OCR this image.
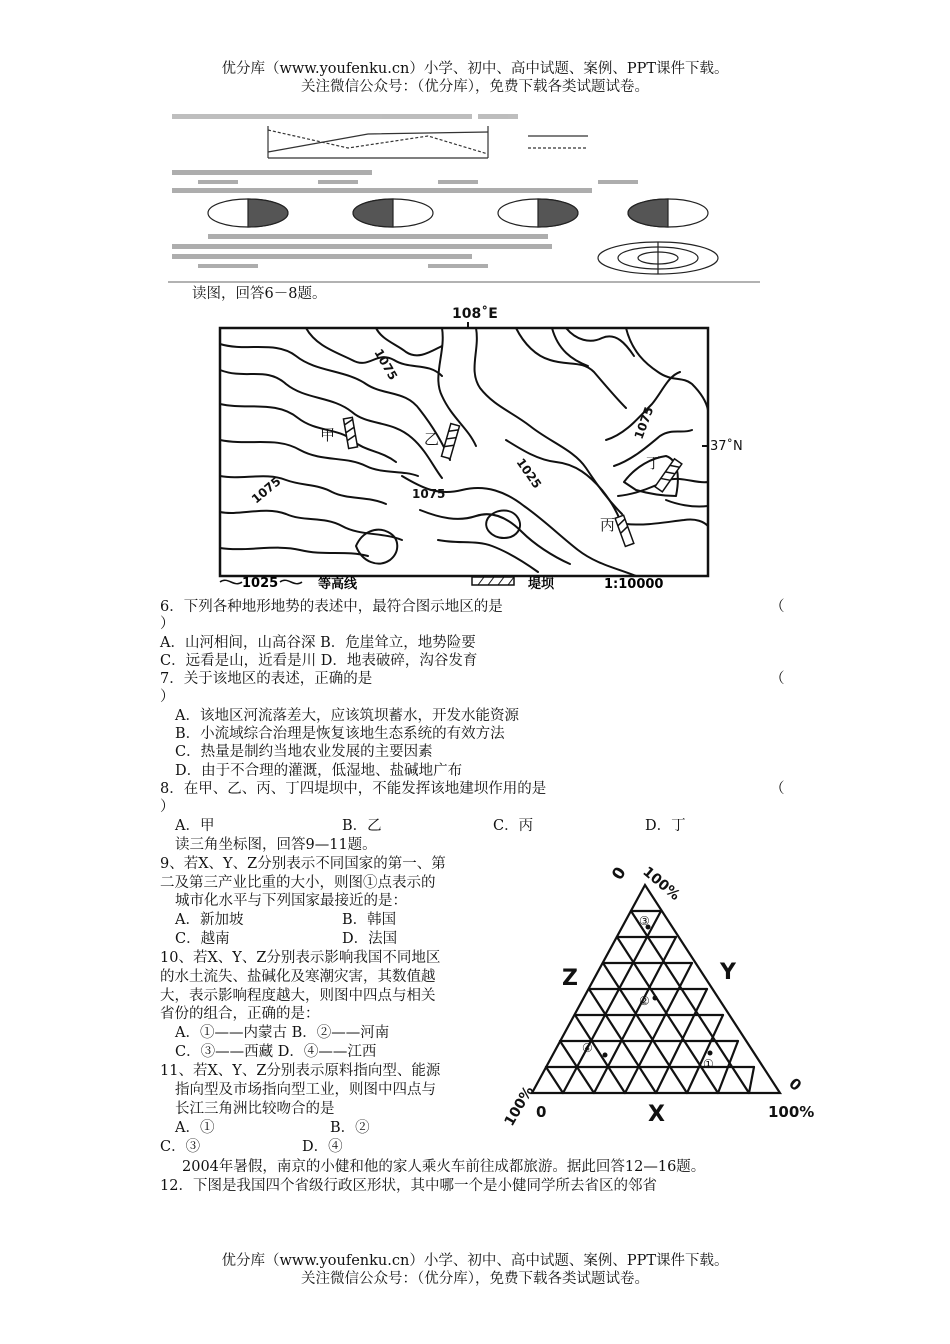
优分库（www.youfenku.cn）小学、初中、高中试题、案例、PPT课件下载。
关注微信公众号：（优分库），免费下载各类试题试卷。
读图，回答6－8题。
108˚E
37˚N
1075
1075	1075
1075
1025
甲	乙
丙
丁
1025	等高线	堤坝	1:10000
6．下列各种地形地势的表述中，最符合图示地区的是	（
）
A．山河相间，山高谷深 B．危崖耸立，地势险要
C．远看是山，近看是川 D．地表破碎，沟谷发育
7．关于该地区的表述，正确的是	（
）
A．该地区河流落差大，应该筑坝蓄水，开发水能资源
B．小流域综合治理是恢复该地生态系统的有效方法
C．热量是制约当地农业发展的主要因素
D．由于不合理的灌溉，低湿地、盐碱地广布
8．在甲、乙、丙、丁四堤坝中，不能发挥该地建坝作用的是	（
）
A．甲	B．乙	C．丙	D．丁
读三角坐标图，回答9—11题。
9、若X、Y、Z分别表示不同国家的第一、第
二及第三产业比重的大小，则图①点表示的
城市化水平与下列国家最接近的是：
A．新加坡	B．韩国
C．越南	D．法国
10、若X、Y、Z分别表示影响我国不同地区
的水土流失、盐碱化及寒潮灾害，其数值越
大，表示影响程度越大，则图中四点与相关
省份的组合，正确的是：
A．①——内蒙古 B．②——河南
C．③——西藏 D．④——江西
11、若X、Y、Z分别表示原料指向型、能源
指向型及市场指向型工业，则图中四点与
长江三角洲比较吻合的是
A．①	B．②
C．③	D．④
③
②
④
①
0 100%
Z	Y
X
100%
0	100%
0
2004年暑假，南京的小健和他的家人乘火车前往成都旅游。据此回答12—16题。
12．下图是我国四个省级行政区形状，其中哪一个是小健同学所去省区的邻省
优分库（www.youfenku.cn）小学、初中、高中试题、案例、PPT课件下载。
关注微信公众号：（优分库），免费下载各类试题试卷。
